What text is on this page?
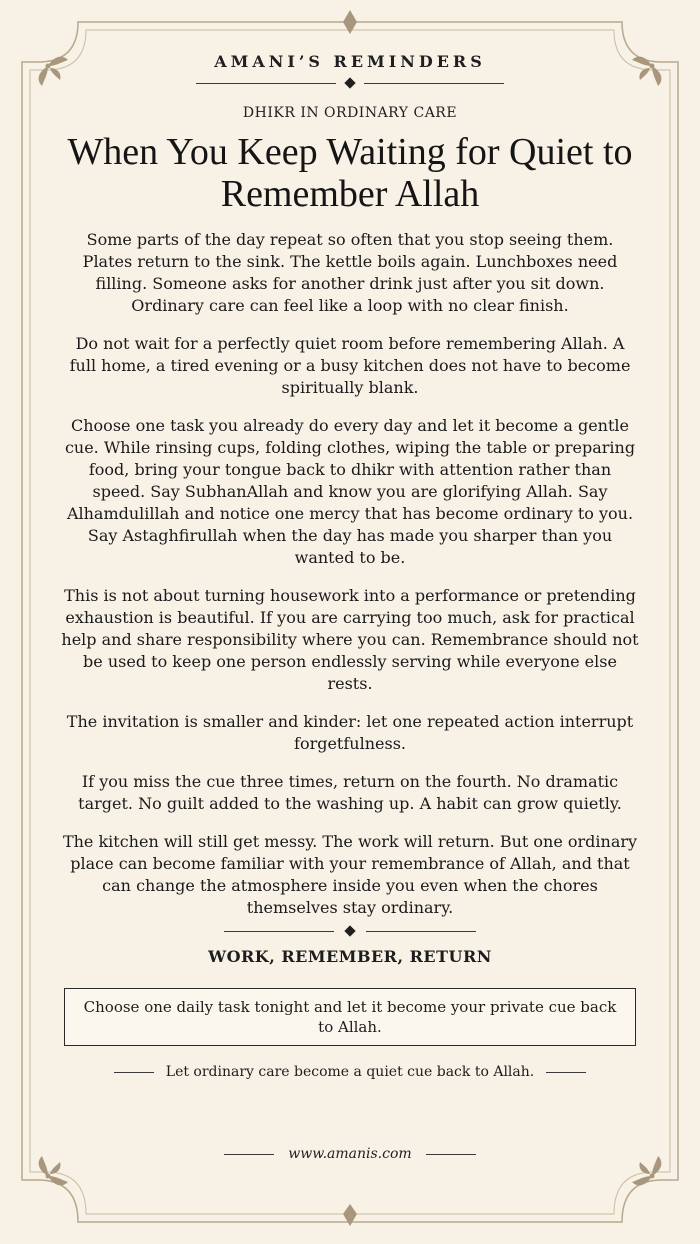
AMANI’S REMINDERS
DHIKR IN ORDINARY CARE
When You Keep Waiting for Quiet to Remember Allah

Some parts of the day repeat so often that you stop seeing them. Plates return to the sink. The kettle boils again. Lunchboxes need filling. Someone asks for another drink just after you sit down. Ordinary care can feel like a loop with no clear finish.

Do not wait for a perfectly quiet room before remembering Allah. A full home, a tired evening or a busy kitchen does not have to become spiritually blank.

Choose one task you already do every day and let it become a gentle cue. While rinsing cups, folding clothes, wiping the table or preparing food, bring your tongue back to dhikr with attention rather than speed. Say SubhanAllah and know you are glorifying Allah. Say Alhamdulillah and notice one mercy that has become ordinary to you. Say Astaghfirullah when the day has made you sharper than you wanted to be.

This is not about turning housework into a performance or pretending exhaustion is beautiful. If you are carrying too much, ask for practical help and share responsibility where you can. Remembrance should not be used to keep one person endlessly serving while everyone else rests.

The invitation is smaller and kinder: let one repeated action interrupt forgetfulness.

If you miss the cue three times, return on the fourth. No dramatic target. No guilt added to the washing up. A habit can grow quietly.

The kitchen will still get messy. The work will return. But one ordinary place can become familiar with your remembrance of Allah, and that can change the atmosphere inside you even when the chores themselves stay ordinary.

WORK, REMEMBER, RETURN
Choose one daily task tonight and let it become your private cue back to Allah.
Let ordinary care become a quiet cue back to Allah.
www.amanis.com
